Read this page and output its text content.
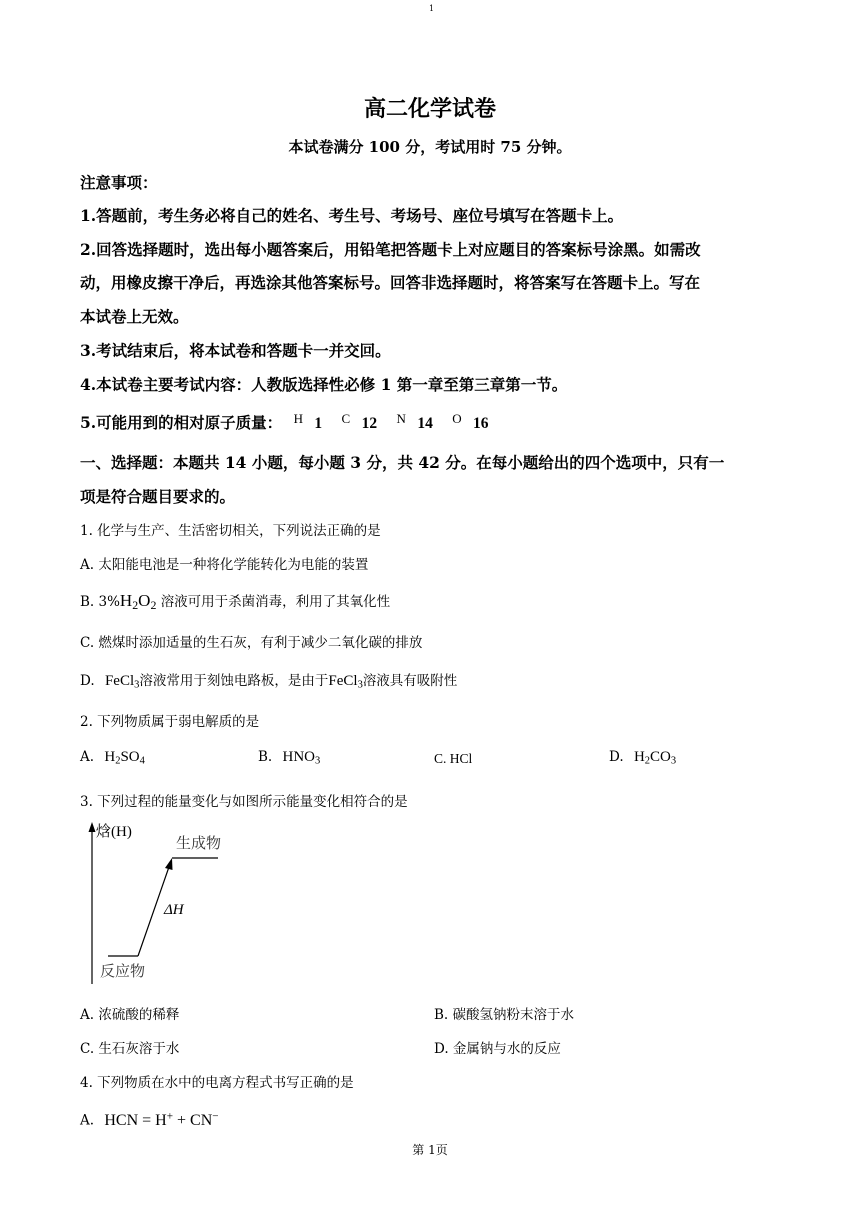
1
高二化学试卷
本试卷满分 100 分，考试用时 75 分钟。
注意事项：
1.答题前，考生务必将自己的姓名、考生号、考场号、座位号填写在答题卡上。
2.回答选择题时，选出每小题答案后，用铅笔把答题卡上对应题目的答案标号涂黑。如需改
动，用橡皮擦干净后，再选涂其他答案标号。回答非选择题时，将答案写在答题卡上。写在
本试卷上无效。
3.考试结束后，将本试卷和答题卡一并交回。
4.本试卷主要考试内容：人教版选择性必修 1 第一章至第三章第一节。
5.可能用到的相对原子质量： $^H$ 1 $^C$ 12 $^N$ 14 $^O$ 16
一、选择题：本题共 14 小题，每小题 3 分，共 42 分。在每小题给出的四个选项中，只有一
项是符合题目要求的。
1. 化学与生产、生活密切相关，下列说法正确的是
A. 太阳能电池是一种将化学能转化为电能的装置
B. $3\%H_2O_2$ 溶液可用于杀菌消毒，利用了其氧化性
C. 燃煤时添加适量的生石灰，有利于减少二氧化碳的排放
D. FeCl$_3$溶液常用于刻蚀电路板，是由于FeCl$_3$溶液具有吸附性
2. 下列物质属于弱电解质的是
A. $H_2SO_4$	B. $HNO_3$	C. HCl	D. $H_2CO_3$
3. 下列过程的能量变化与如图所示能量变化相符合的是
焓(H)
生成物
ΔH
反应物
A. 浓硫酸的稀释	B. 碳酸氢钠粉末溶于水
C. 生石灰溶于水	D. 金属钠与水的反应
4. 下列物质在水中的电离方程式书写正确的是
A. HCN = H+ + CN−
第 1页
